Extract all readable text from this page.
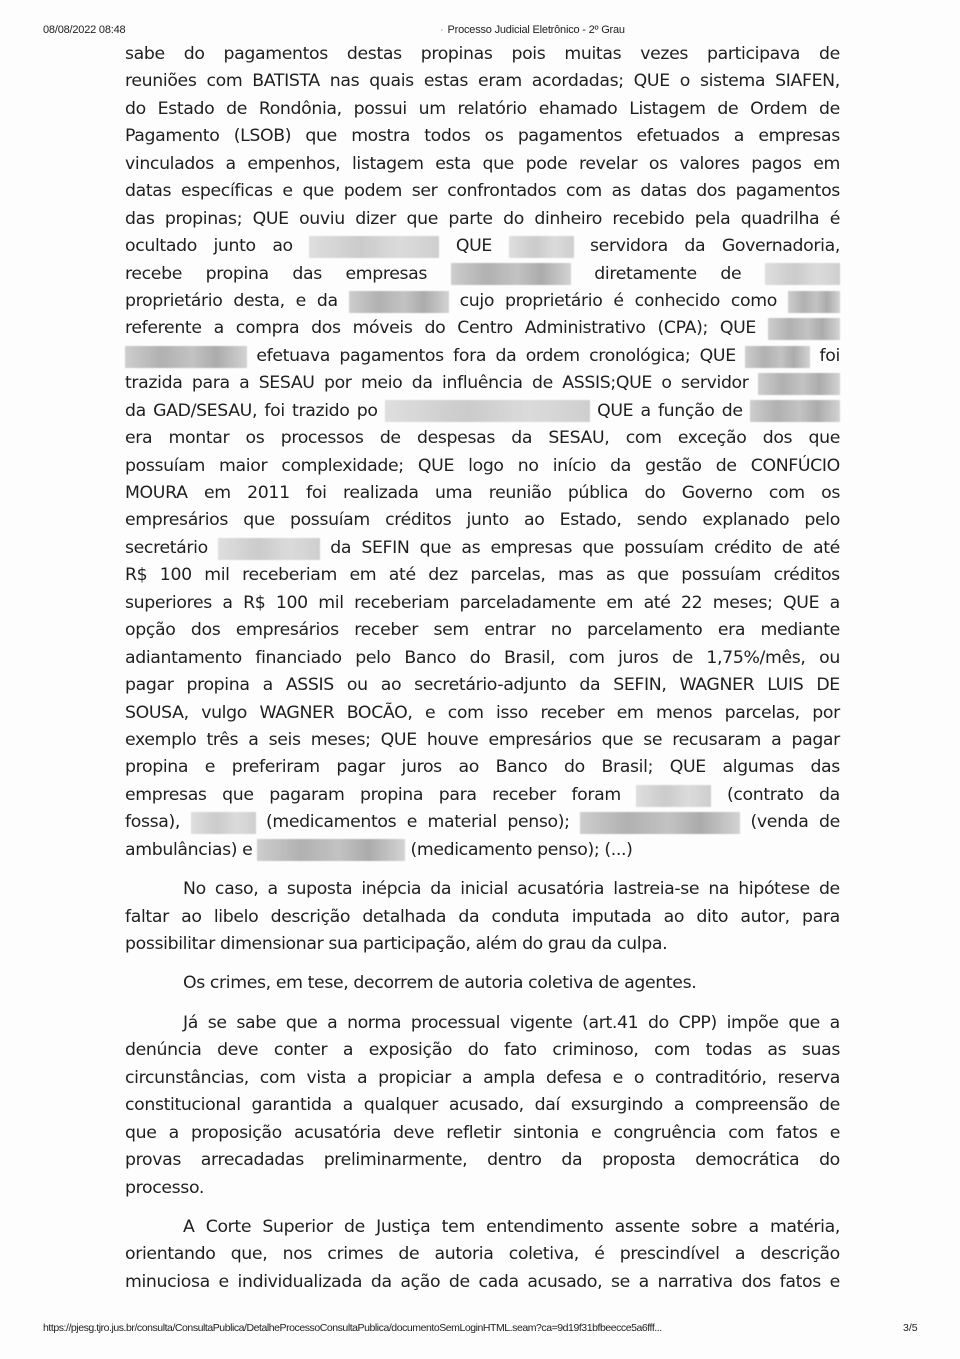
08/08/2022 08:48	· Processo Judicial Eletrônico - 2º Grau
sabe do pagamentos destas propinas pois muitas vezes participava de
reuniões com BATISTA nas quais estas eram acordadas; QUE o sistema SIAFEN,
do Estado de Rondônia, possui um relatório ehamado Listagem de Ordem de
Pagamento (LSOB) que mostra todos os pagamentos efetuados a empresas
vinculados a empenhos, listagem esta que pode revelar os valores pagos em
datas específicas e que podem ser confrontados com as datas dos pagamentos
das propinas; QUE ouviu dizer que parte do dinheiro recebido pela quadrilha é
ocultado junto ao	QUE	servidora da Governadoria,
recebe propina das empresas	diretamente de
proprietário desta, e da	cujo proprietário é conhecido como
referente a compra dos móveis do Centro Administrativo (CPA); QUE
efetuava pagamentos fora da ordem cronológica; QUE	foi
trazida para a SESAU por meio da influência de ASSIS;QUE o servidor
da GAD/SESAU, foi trazido po	QUE a função de
era montar os processos de despesas da SESAU, com exceção dos que
possuíam maior complexidade; QUE logo no início da gestão de CONFÚCIO
MOURA em 2011 foi realizada uma reunião pública do Governo com os
empresários que possuíam créditos junto ao Estado, sendo explanado pelo
secretário	da SEFIN que as empresas que possuíam crédito de até
R$ 100 mil receberiam em até dez parcelas, mas as que possuíam créditos
superiores a R$ 100 mil receberiam parceladamente em até 22 meses; QUE a
opção dos empresários receber sem entrar no parcelamento era mediante
adiantamento financiado pelo Banco do Brasil, com juros de 1,75%/mês, ou
pagar propina a ASSIS ou ao secretário-adjunto da SEFIN, WAGNER LUIS DE
SOUSA, vulgo WAGNER BOCÃO, e com isso receber em menos parcelas, por
exemplo três a seis meses; QUE houve empresários que se recusaram a pagar
propina e preferiram pagar juros ao Banco do Brasil; QUE algumas das
empresas que pagaram propina para receber foram	(contrato da
fossa),	(medicamentos e material penso);	(venda de
ambulâncias) e	(medicamento penso); (...)
No caso, a suposta inépcia da inicial acusatória lastreia-se na hipótese de
faltar ao libelo descrição detalhada da conduta imputada ao dito autor, para
possibilitar dimensionar sua participação, além do grau da culpa.
Os crimes, em tese, decorrem de autoria coletiva de agentes.
Já se sabe que a norma processual vigente (art.41 do CPP) impõe que a
denúncia deve conter a exposição do fato criminoso, com todas as suas
circunstâncias, com vista a propiciar a ampla defesa e o contraditório, reserva
constitucional garantida a qualquer acusado, daí exsurgindo a compreensão de
que a proposição acusatória deve refletir sintonia e congruência com fatos e
provas arrecadadas preliminarmente, dentro da proposta democrática do
processo.
A Corte Superior de Justiça tem entendimento assente sobre a matéria,
orientando que, nos crimes de autoria coletiva, é prescindível a descrição
minuciosa e individualizada da ação de cada acusado, se a narrativa dos fatos e
https://pjesg.tjro.jus.br/consulta/ConsultaPublica/DetalheProcessoConsultaPublica/documentoSemLoginHTML.seam?ca=9d19f31bfbeecce5a6fff...	3/5
